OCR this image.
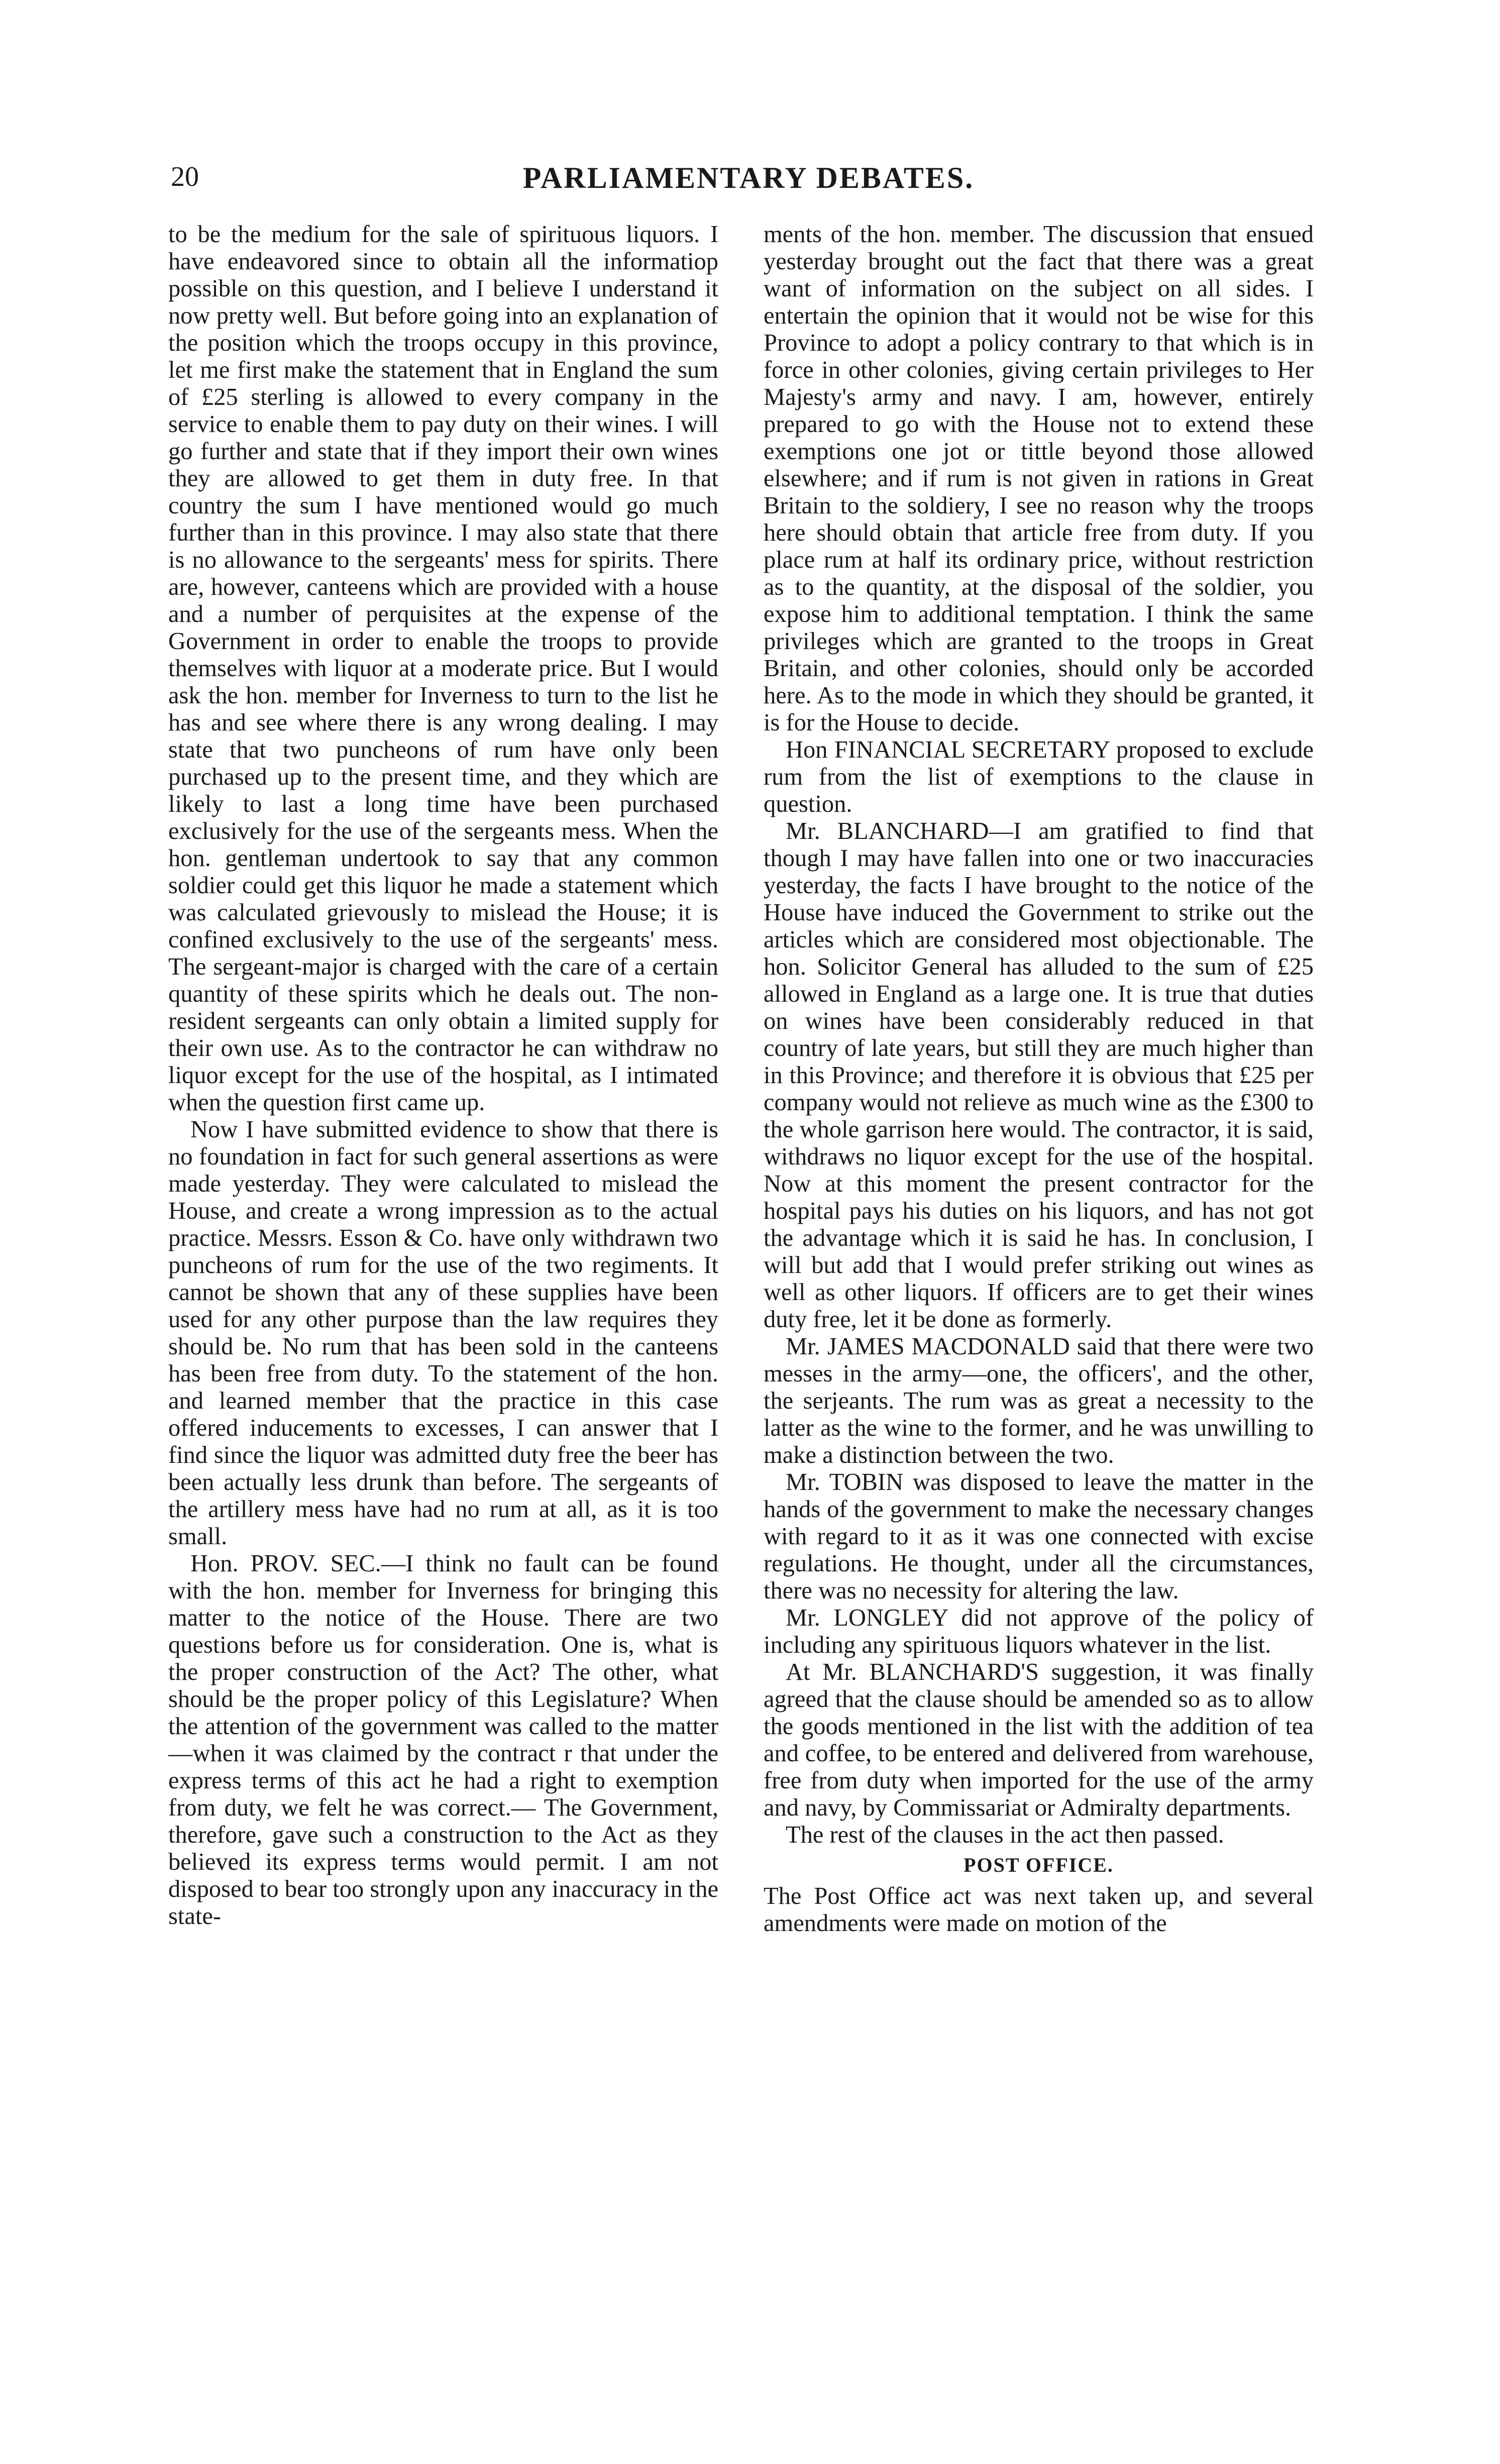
20	PARLIAMENTARY DEBATES.

to be the medium for the sale of spirituous liquors. I have endeavored since to obtain all the informatiop possible on this question, and I believe I understand it now pretty well. But before going into an explanation of the position which the troops occupy in this province, let me first make the statement that in England the sum of £25 sterling is allowed to every company in the service to enable them to pay duty on their wines. I will go further and state that if they import their own wines they are allowed to get them in duty free. In that country the sum I have mentioned would go much further than in this province. I may also state that there is no allowance to the sergeants' mess for spirits. There are, however, canteens which are provided with a house and a number of perquisites at the expense of the Government in order to enable the troops to provide themselves with liquor at a moderate price. But I would ask the hon. member for Inverness to turn to the list he has and see where there is any wrong dealing. I may state that two puncheons of rum have only been purchased up to the present time, and they which are likely to last a long time have been purchased exclusively for the use of the sergeants mess. When the hon. gentleman undertook to say that any common soldier could get this liquor he made a statement which was calculated grievously to mislead the House; it is confined exclusively to the use of the sergeants' mess. The sergeant-major is charged with the care of a certain quantity of these spirits which he deals out. The non-resident sergeants can only obtain a limited supply for their own use. As to the contractor he can withdraw no liquor except for the use of the hospital, as I intimated when the question first came up.

Now I have submitted evidence to show that there is no foundation in fact for such general assertions as were made yesterday. They were calculated to mislead the House, and create a wrong impression as to the actual practice. Messrs. Esson & Co. have only withdrawn two puncheons of rum for the use of the two regiments. It cannot be shown that any of these supplies have been used for any other purpose than the law requires they should be. No rum that has been sold in the canteens has been free from duty. To the statement of the hon. and learned member that the practice in this case offered inducements to excesses, I can answer that I find since the liquor was admitted duty free the beer has been actually less drunk than before. The sergeants of the artillery mess have had no rum at all, as it is too small.

Hon. PROV. SEC.—I think no fault can be found with the hon. member for Inverness for bringing this matter to the notice of the House. There are two questions before us for consideration. One is, what is the proper construction of the Act? The other, what should be the proper policy of this Legislature? When the attention of the government was called to the matter—when it was claimed by the contract r that under the express terms of this act he had a right to exemption from duty, we felt he was correct.— The Government, therefore, gave such a construction to the Act as they believed its express terms would permit. I am not disposed to bear too strongly upon any inaccuracy in the state-

ments of the hon. member. The discussion that ensued yesterday brought out the fact that there was a great want of information on the subject on all sides. I entertain the opinion that it would not be wise for this Province to adopt a policy contrary to that which is in force in other colonies, giving certain privileges to Her Majesty's army and navy. I am, however, entirely prepared to go with the House not to extend these exemptions one jot or tittle beyond those allowed elsewhere; and if rum is not given in rations in Great Britain to the soldiery, I see no reason why the troops here should obtain that article free from duty. If you place rum at half its ordinary price, without restriction as to the quantity, at the disposal of the soldier, you expose him to additional temptation. I think the same privileges which are granted to the troops in Great Britain, and other colonies, should only be accorded here. As to the mode in which they should be granted, it is for the House to decide.

Hon FINANCIAL SECRETARY proposed to exclude rum from the list of exemptions to the clause in question.

Mr. BLANCHARD—I am gratified to find that though I may have fallen into one or two inaccuracies yesterday, the facts I have brought to the notice of the House have induced the Government to strike out the articles which are considered most objectionable. The hon. Solicitor General has alluded to the sum of £25 allowed in England as a large one. It is true that duties on wines have been considerably reduced in that country of late years, but still they are much higher than in this Province; and therefore it is obvious that £25 per company would not relieve as much wine as the £300 to the whole garrison here would. The contractor, it is said, withdraws no liquor except for the use of the hospital. Now at this moment the present contractor for the hospital pays his duties on his liquors, and has not got the advantage which it is said he has. In conclusion, I will but add that I would prefer striking out wines as well as other liquors. If officers are to get their wines duty free, let it be done as formerly.

Mr. JAMES MACDONALD said that there were two messes in the army—one, the officers', and the other, the serjeants. The rum was as great a necessity to the latter as the wine to the former, and he was unwilling to make a distinction between the two.

Mr. TOBIN was disposed to leave the matter in the hands of the government to make the necessary changes with regard to it as it was one connected with excise regulations. He thought, under all the circumstances, there was no necessity for altering the law.

Mr. LONGLEY did not approve of the policy of including any spirituous liquors whatever in the list.

At Mr. BLANCHARD'S suggestion, it was finally agreed that the clause should be amended so as to allow the goods mentioned in the list with the addition of tea and coffee, to be entered and delivered from warehouse, free from duty when imported for the use of the army and navy, by Commissariat or Admiralty departments.

The rest of the clauses in the act then passed.

POST OFFICE.

The Post Office act was next taken up, and several amendments were made on motion of the
